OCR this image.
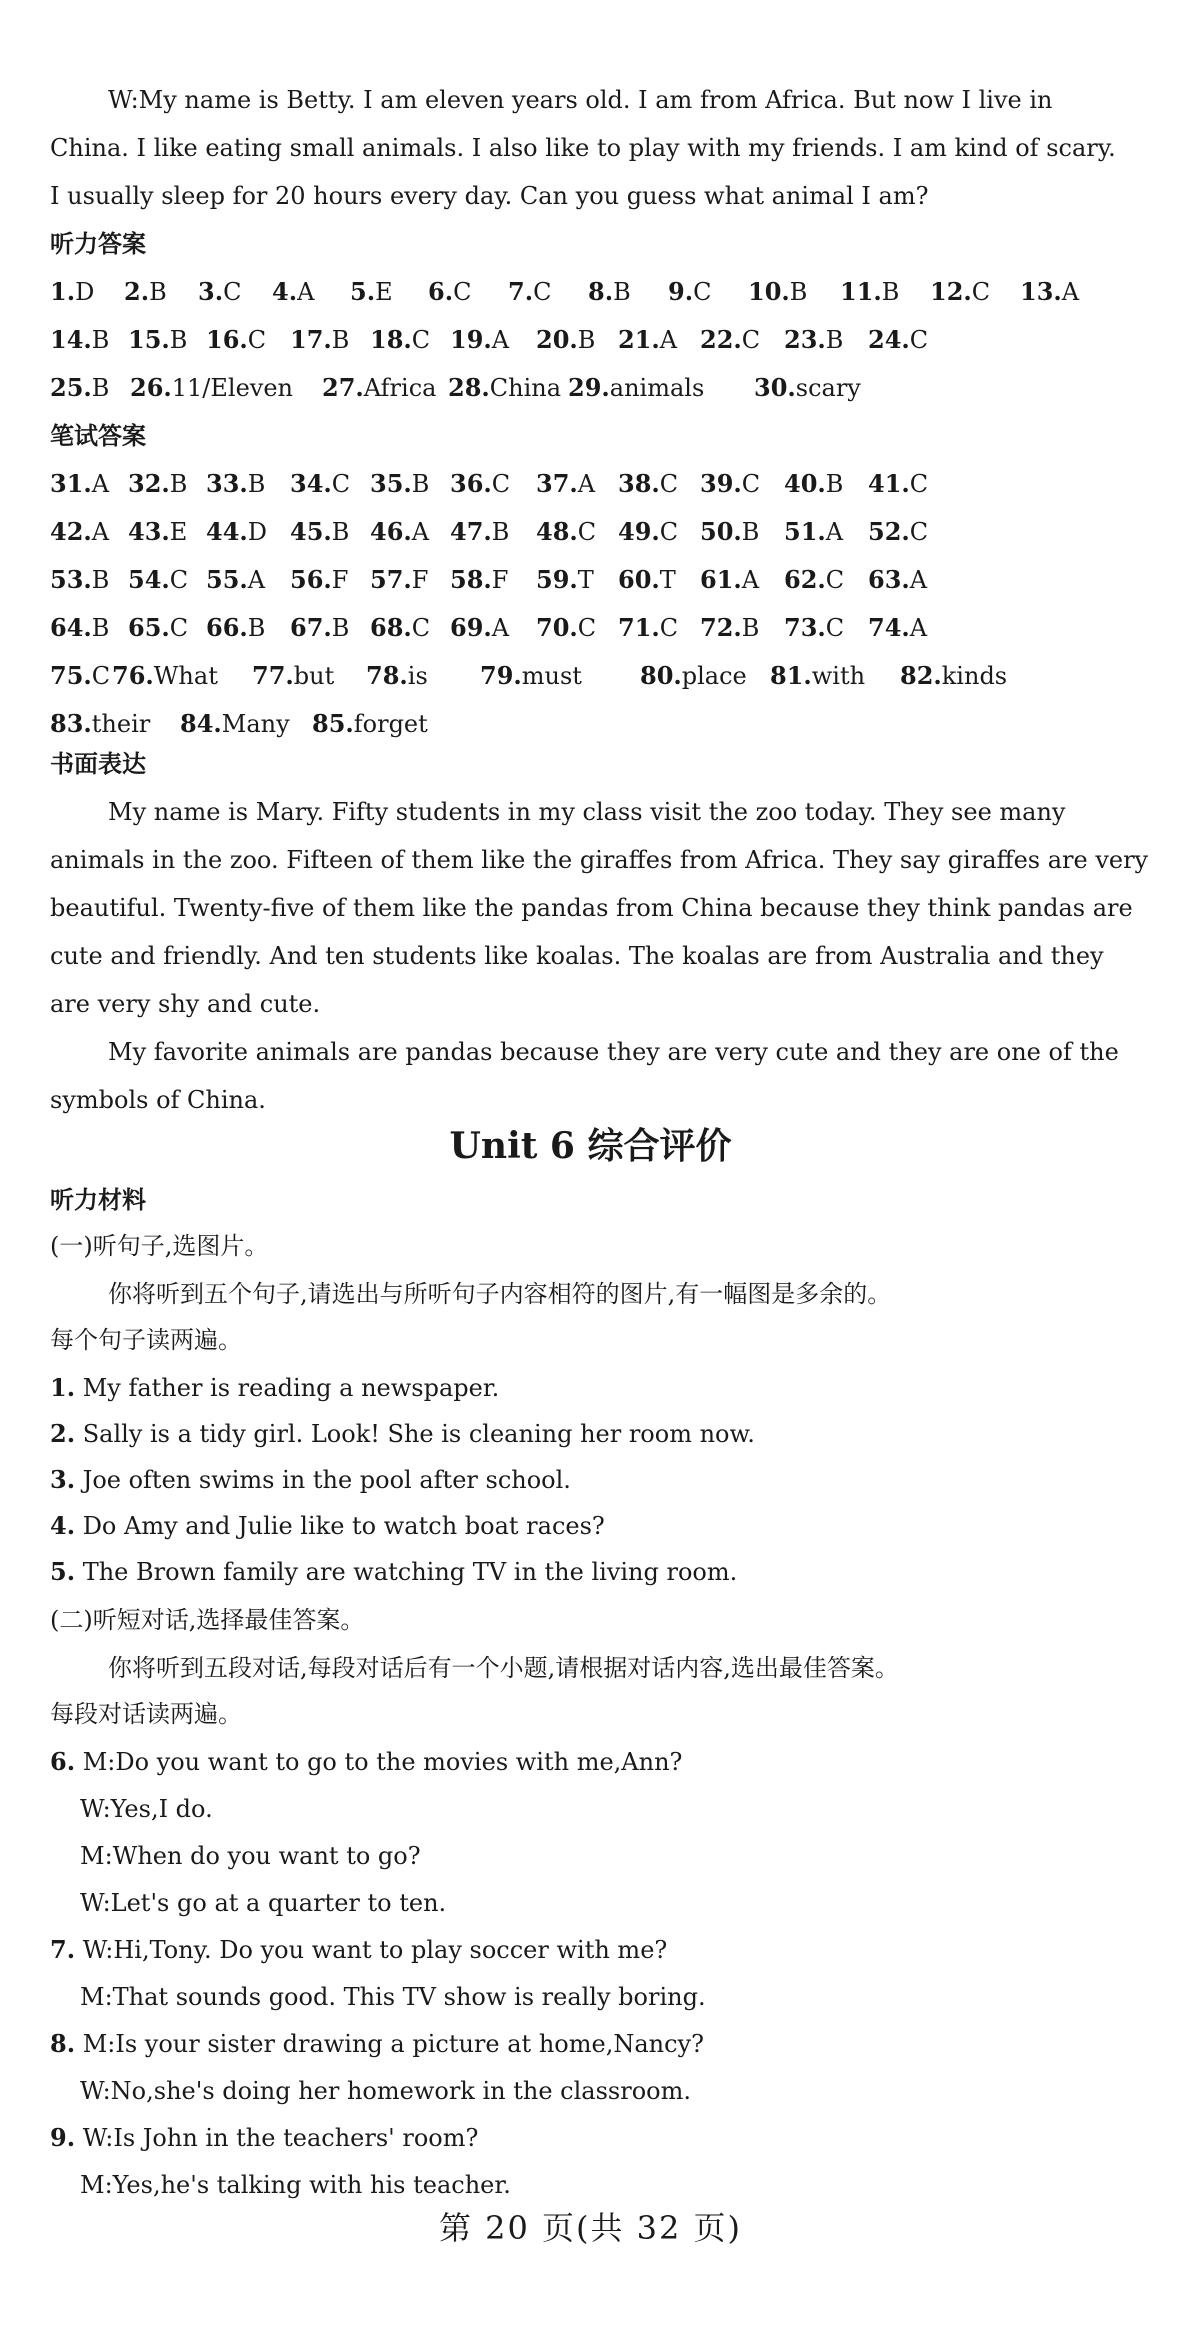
W:My name is Betty. I am eleven years old. I am from Africa. But now I live in
China. I like eating small animals. I also like to play with my friends. I am kind of scary.
I usually sleep for 20 hours every day. Can you guess what animal I am?
听力答案
1.D 2.B 3.C 4.A 5.E 6.C 7.C 8.B 9.C 10.B 11.B 12.C 13.A
14.B 15.B 16.C 17.B 18.C 19.A 20.B 21.A 22.C 23.B 24.C
25.B 26.11/Eleven 27.Africa 28.China 29.animals 30.scary
笔试答案
31.A 32.B 33.B 34.C 35.B 36.C 37.A 38.C 39.C 40.B 41.C
42.A 43.E 44.D 45.B 46.A 47.B 48.C 49.C 50.B 51.A 52.C
53.B 54.C 55.A 56.F 57.F 58.F 59.T 60.T 61.A 62.C 63.A
64.B 65.C 66.B 67.B 68.C 69.A 70.C 71.C 72.B 73.C 74.A
75.C 76.What 77.but 78.is 79.must 80.place 81.with 82.kinds
83.their 84.Many 85.forget
书面表达
My name is Mary. Fifty students in my class visit the zoo today. They see many
animals in the zoo. Fifteen of them like the giraffes from Africa. They say giraffes are very
beautiful. Twenty-five of them like the pandas from China because they think pandas are
cute and friendly. And ten students like koalas. The koalas are from Australia and they
are very shy and cute.
My favorite animals are pandas because they are very cute and they are one of the
symbols of China.
Unit 6 综合评价
听力材料
(一)听句子,选图片。
你将听到五个句子,请选出与所听句子内容相符的图片,有一幅图是多余的。
每个句子读两遍。
1. My father is reading a newspaper.
2. Sally is a tidy girl. Look! She is cleaning her room now.
3. Joe often swims in the pool after school.
4. Do Amy and Julie like to watch boat races?
5. The Brown family are watching TV in the living room.
(二)听短对话,选择最佳答案。
你将听到五段对话,每段对话后有一个小题,请根据对话内容,选出最佳答案。
每段对话读两遍。
6. M:Do you want to go to the movies with me,Ann?
W:Yes,I do.
M:When do you want to go?
W:Let's go at a quarter to ten.
7. W:Hi,Tony. Do you want to play soccer with me?
M:That sounds good. This TV show is really boring.
8. M:Is your sister drawing a picture at home,Nancy?
W:No,she's doing her homework in the classroom.
9. W:Is John in the teachers' room?
M:Yes,he's talking with his teacher.
第 20 页(共 32 页)
